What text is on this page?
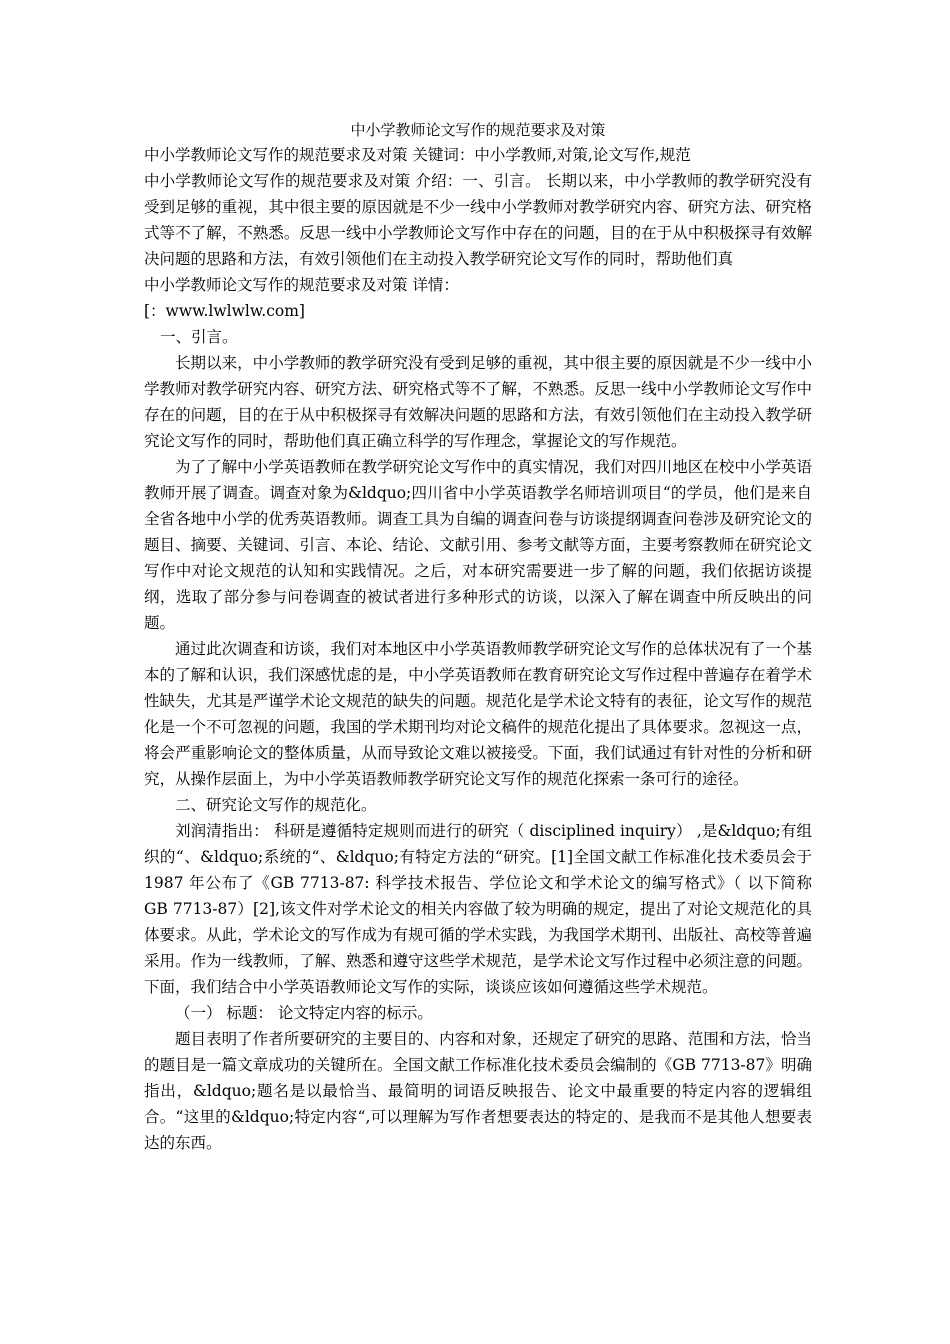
中小学教师论文写作的规范要求及对策
中小学教师论文写作的规范要求及对策 关键词：中小学教师,对策,论文写作,规范
中小学教师论文写作的规范要求及对策 介绍：一、引言。 长期以来，中小学教师的教学研究没有受到足够的重视，其中很主要的原因就是不少一线中小学教师对教学研究内容、研究方法、研究格式等不了解，不熟悉。反思一线中小学教师论文写作中存在的问题，目的在于从中积极探寻有效解决问题的思路和方法，有效引领他们在主动投入教学研究论文写作的同时，帮助他们真
中小学教师论文写作的规范要求及对策 详情：
[：www.lwlwlw.com]

一、引言。

长期以来，中小学教师的教学研究没有受到足够的重视，其中很主要的原因就是不少一线中小学教师对教学研究内容、研究方法、研究格式等不了解，不熟悉。反思一线中小学教师论文写作中存在的问题，目的在于从中积极探寻有效解决问题的思路和方法，有效引领他们在主动投入教学研究论文写作的同时，帮助他们真正确立科学的写作理念，掌握论文的写作规范。

为了了解中小学英语教师在教学研究论文写作中的真实情况，我们对四川地区在校中小学英语教师开展了调查。调查对象为&ldquo;四川省中小学英语教学名师培训项目“的学员，他们是来自全省各地中小学的优秀英语教师。调查工具为自编的调查问卷与访谈提纲调查问卷涉及研究论文的题目、摘要、关键词、引言、本论、结论、文献引用、参考文献等方面，主要考察教师在研究论文写作中对论文规范的认知和实践情况。之后，对本研究需要进一步了解的问题，我们依据访谈提纲，选取了部分参与问卷调查的被试者进行多种形式的访谈，以深入了解在调查中所反映出的问题。

通过此次调查和访谈，我们对本地区中小学英语教师教学研究论文写作的总体状况有了一个基本的了解和认识，我们深感忧虑的是，中小学英语教师在教育研究论文写作过程中普遍存在着学术性缺失，尤其是严谨学术论文规范的缺失的问题。规范化是学术论文特有的表征，论文写作的规范化是一个不可忽视的问题，我国的学术期刊均对论文稿件的规范化提出了具体要求。忽视这一点，将会严重影响论文的整体质量，从而导致论文难以被接受。下面，我们试通过有针对性的分析和研究，从操作层面上，为中小学英语教师教学研究论文写作的规范化探索一条可行的途径。

二、研究论文写作的规范化。

刘润清指出： 科研是遵循特定规则而进行的研究（ disciplined inquiry） ,是&ldquo;有组织的“、&ldquo;系统的“、&ldquo;有特定方法的“研究。[1]全国文献工作标准化技术委员会于 1987 年公布了《GB 7713-87: 科学技术报告、学位论文和学术论文的编写格式》（ 以下简称 GB 7713-87）[2],该文件对学术论文的相关内容做了较为明确的规定，提出了对论文规范化的具体要求。从此，学术论文的写作成为有规可循的学术实践，为我国学术期刊、出版社、高校等普遍采用。作为一线教师，了解、熟悉和遵守这些学术规范，是学术论文写作过程中必须注意的问题。下面，我们结合中小学英语教师论文写作的实际，谈谈应该如何遵循这些学术规范。

（一） 标题： 论文特定内容的标示。

题目表明了作者所要研究的主要目的、内容和对象，还规定了研究的思路、范围和方法，恰当的题目是一篇文章成功的关键所在。全国文献工作标准化技术委员会编制的《GB 7713-87》明确指出，&ldquo;题名是以最恰当、最简明的词语反映报告、论文中最重要的特定内容的逻辑组合。“这里的&ldquo;特定内容“,可以理解为写作者想要表达的特定的、是我而不是其他人想要表达的东西。
